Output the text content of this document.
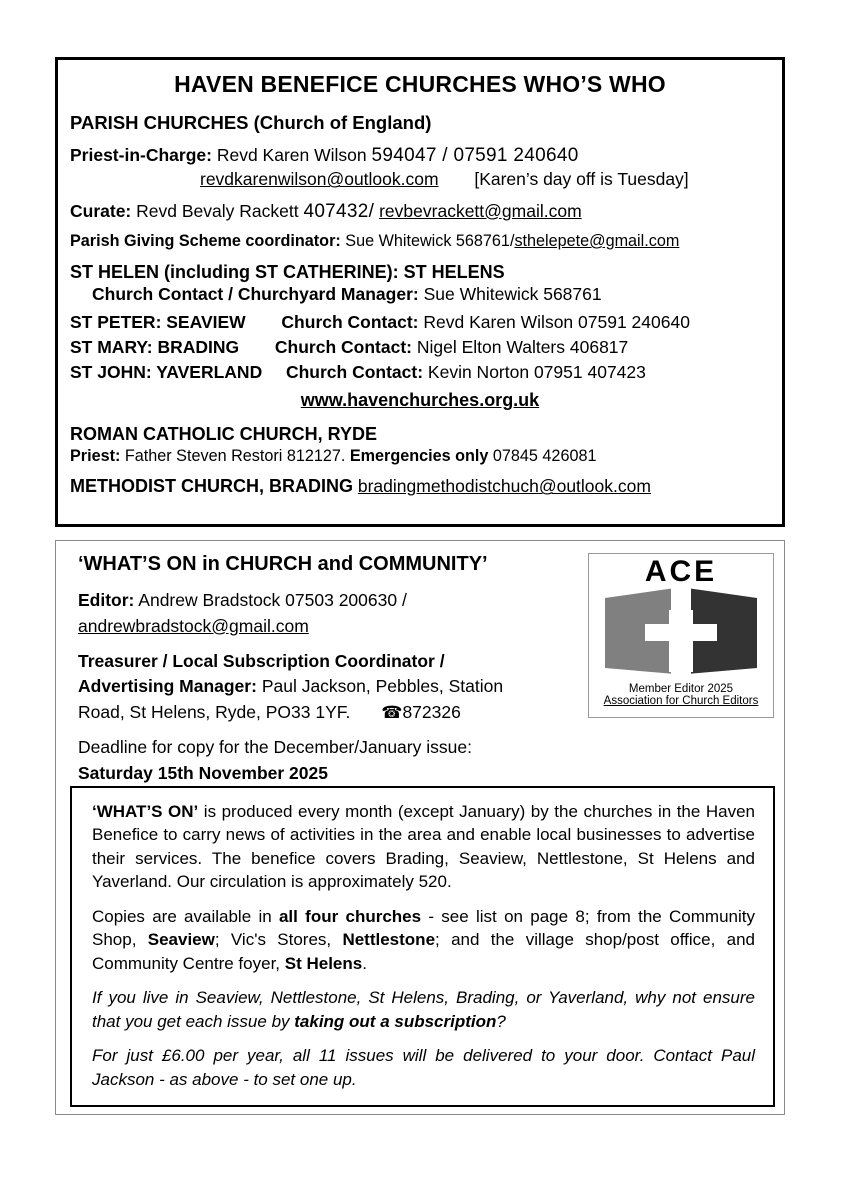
HAVEN BENEFICE CHURCHES WHO’S WHO
PARISH CHURCHES (Church of England)
Priest-in-Charge: Revd Karen Wilson 594047 / 07591 240640
revdkarenwilson@outlook.com [Karen’s day off is Tuesday]
Curate: Revd Bevaly Rackett 407432/ revbevrackett@gmail.com
Parish Giving Scheme coordinator: Sue Whitewick 568761/sthelepete@gmail.com
ST HELEN (including ST CATHERINE): ST HELENS
Church Contact / Churchyard Manager: Sue Whitewick 568761
ST PETER: SEAVIEW Church Contact: Revd Karen Wilson 07591 240640
ST MARY: BRADING Church Contact: Nigel Elton Walters 406817
ST JOHN: YAVERLAND Church Contact: Kevin Norton 07951 407423
www.havenchurches.org.uk
ROMAN CATHOLIC CHURCH, RYDE
Priest: Father Steven Restori 812127. Emergencies only 07845 426081
METHODIST CHURCH, BRADING bradingmethodistchuch@outlook.com
‘WHAT’S ON in CHURCH and COMMUNITY’
Editor: Andrew Bradstock 07503 200630 /
andrewbradstock@gmail.com
Treasurer / Local Subscription Coordinator /
Advertising Manager: Paul Jackson, Pebbles, Station
Road, St Helens, Ryde, PO33 1YF. ☎872326
Deadline for copy for the December/January issue:
Saturday 15th November 2025
ACE
Member Editor 2025
Association for Church Editors
‘WHAT’S ON’ is produced every month (except January) by the churches in the Haven Benefice to carry news of activities in the area and enable local businesses to advertise their services. The benefice covers Brading, Seaview, Nettlestone, St Helens and Yaverland. Our circulation is approximately 520.
Copies are available in all four churches - see list on page 8; from the Community Shop, Seaview; Vic's Stores, Nettlestone; and the village shop/post office, and Community Centre foyer, St Helens.
If you live in Seaview, Nettlestone, St Helens, Brading, or Yaverland, why not ensure that you get each issue by taking out a subscription?
For just £6.00 per year, all 11 issues will be delivered to your door. Contact Paul Jackson - as above - to set one up.
